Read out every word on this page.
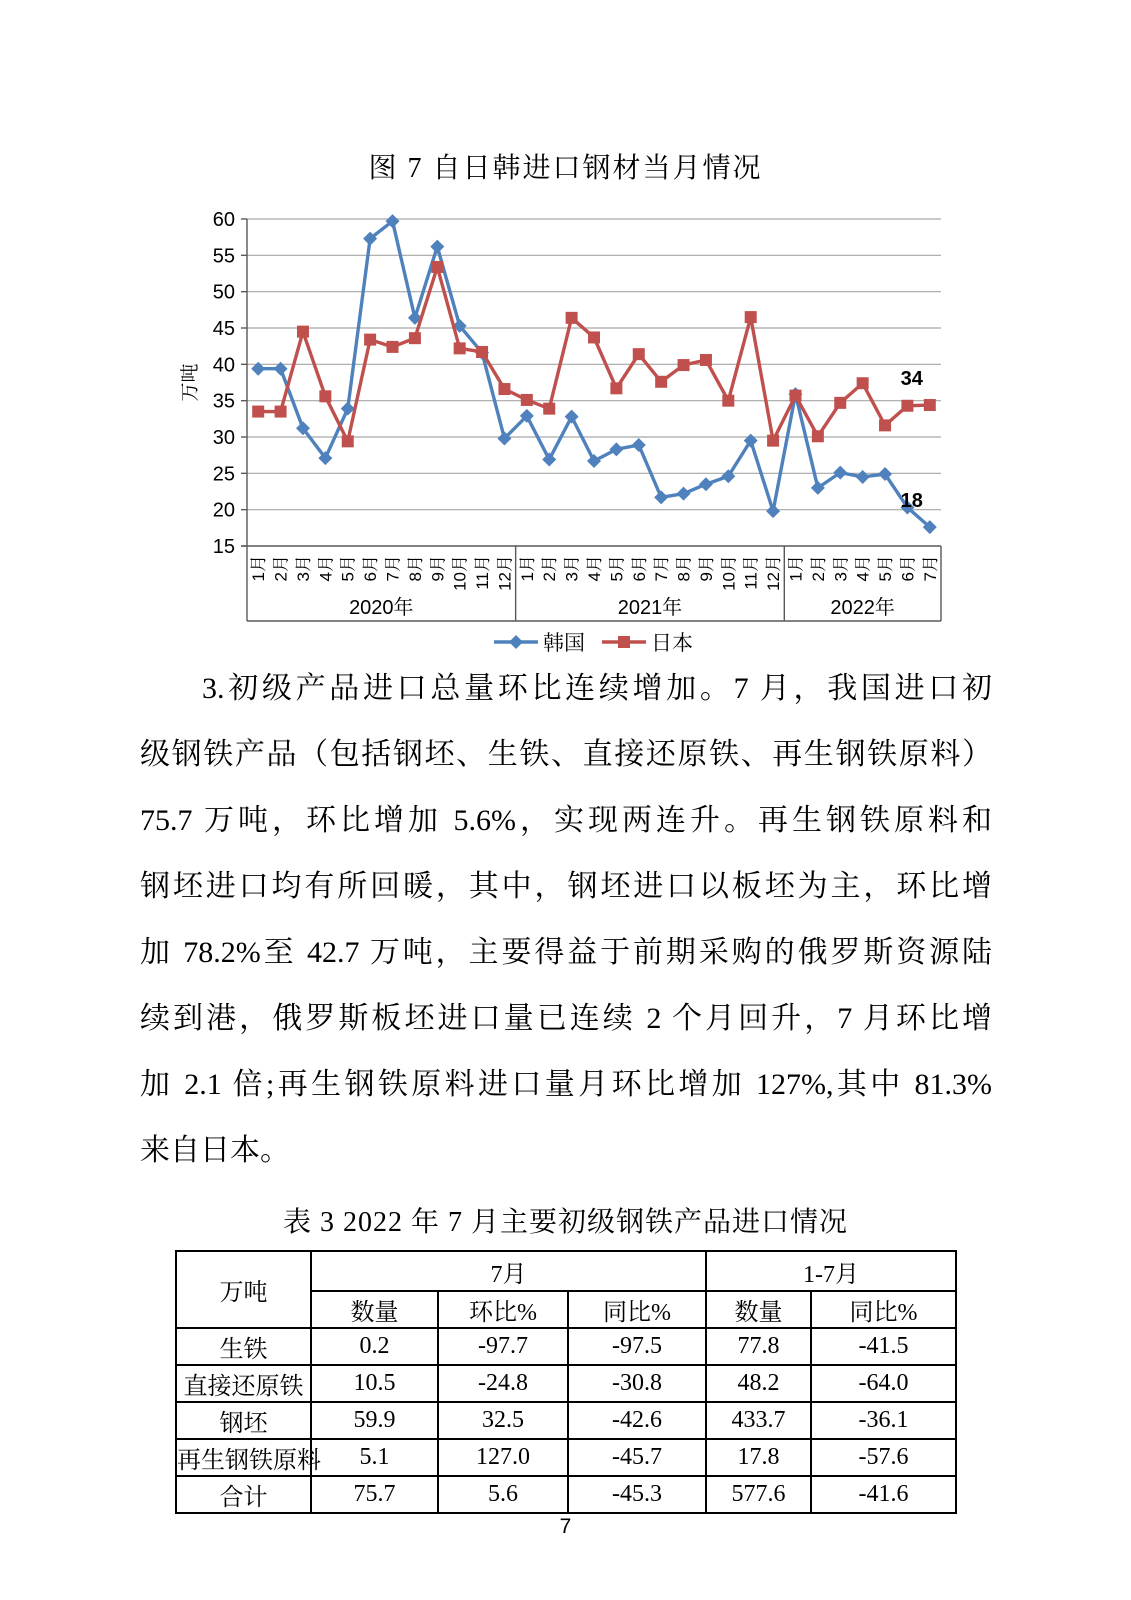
图 7 自日韩进口钢材当月情况
15
20
25
30
35
40
45
50
55
60
万吨
1月 2月 3月 4月 5月 6月 7月 8月 9月 10月 11月 12月 1月 2月 3月 4月 5月 6月 7月 8月 9月 10月 11月 12月 1月 2月 3月 4月 5月 6月 7月
2020年	2021年	2022年
18
34
韩国	日本
3.初级产品进口总量环比连续增加。7 月，我国进口初
级钢铁产品（包括钢坯、生铁、直接还原铁、再生钢铁原料）
75.7 万吨，环比增加 5.6%，实现两连升。再生钢铁原料和
钢坯进口均有所回暖，其中，钢坯进口以板坯为主，环比增
加 78.2%至 42.7 万吨，主要得益于前期采购的俄罗斯资源陆
续到港，俄罗斯板坯进口量已连续 2 个月回升，7 月环比增
加 2.1 倍;再生钢铁原料进口量月环比增加 127%,其中 81.3%
来自日本。
表 3 2022 年 7 月主要初级钢铁产品进口情况
万吨	7月			1-7月	
	数量	环比%	同比%	数量	同比%
生铁	0.2	-97.7	-97.5	77.8	-41.5
直接还原铁	10.5	-24.8	-30.8	48.2	-64.0
钢坯	59.9	32.5	-42.6	433.7	-36.1
再生钢铁原料	5.1	127.0	-45.7	17.8	-57.6
合计	75.7	5.6	-45.3	577.6	-41.6
7
